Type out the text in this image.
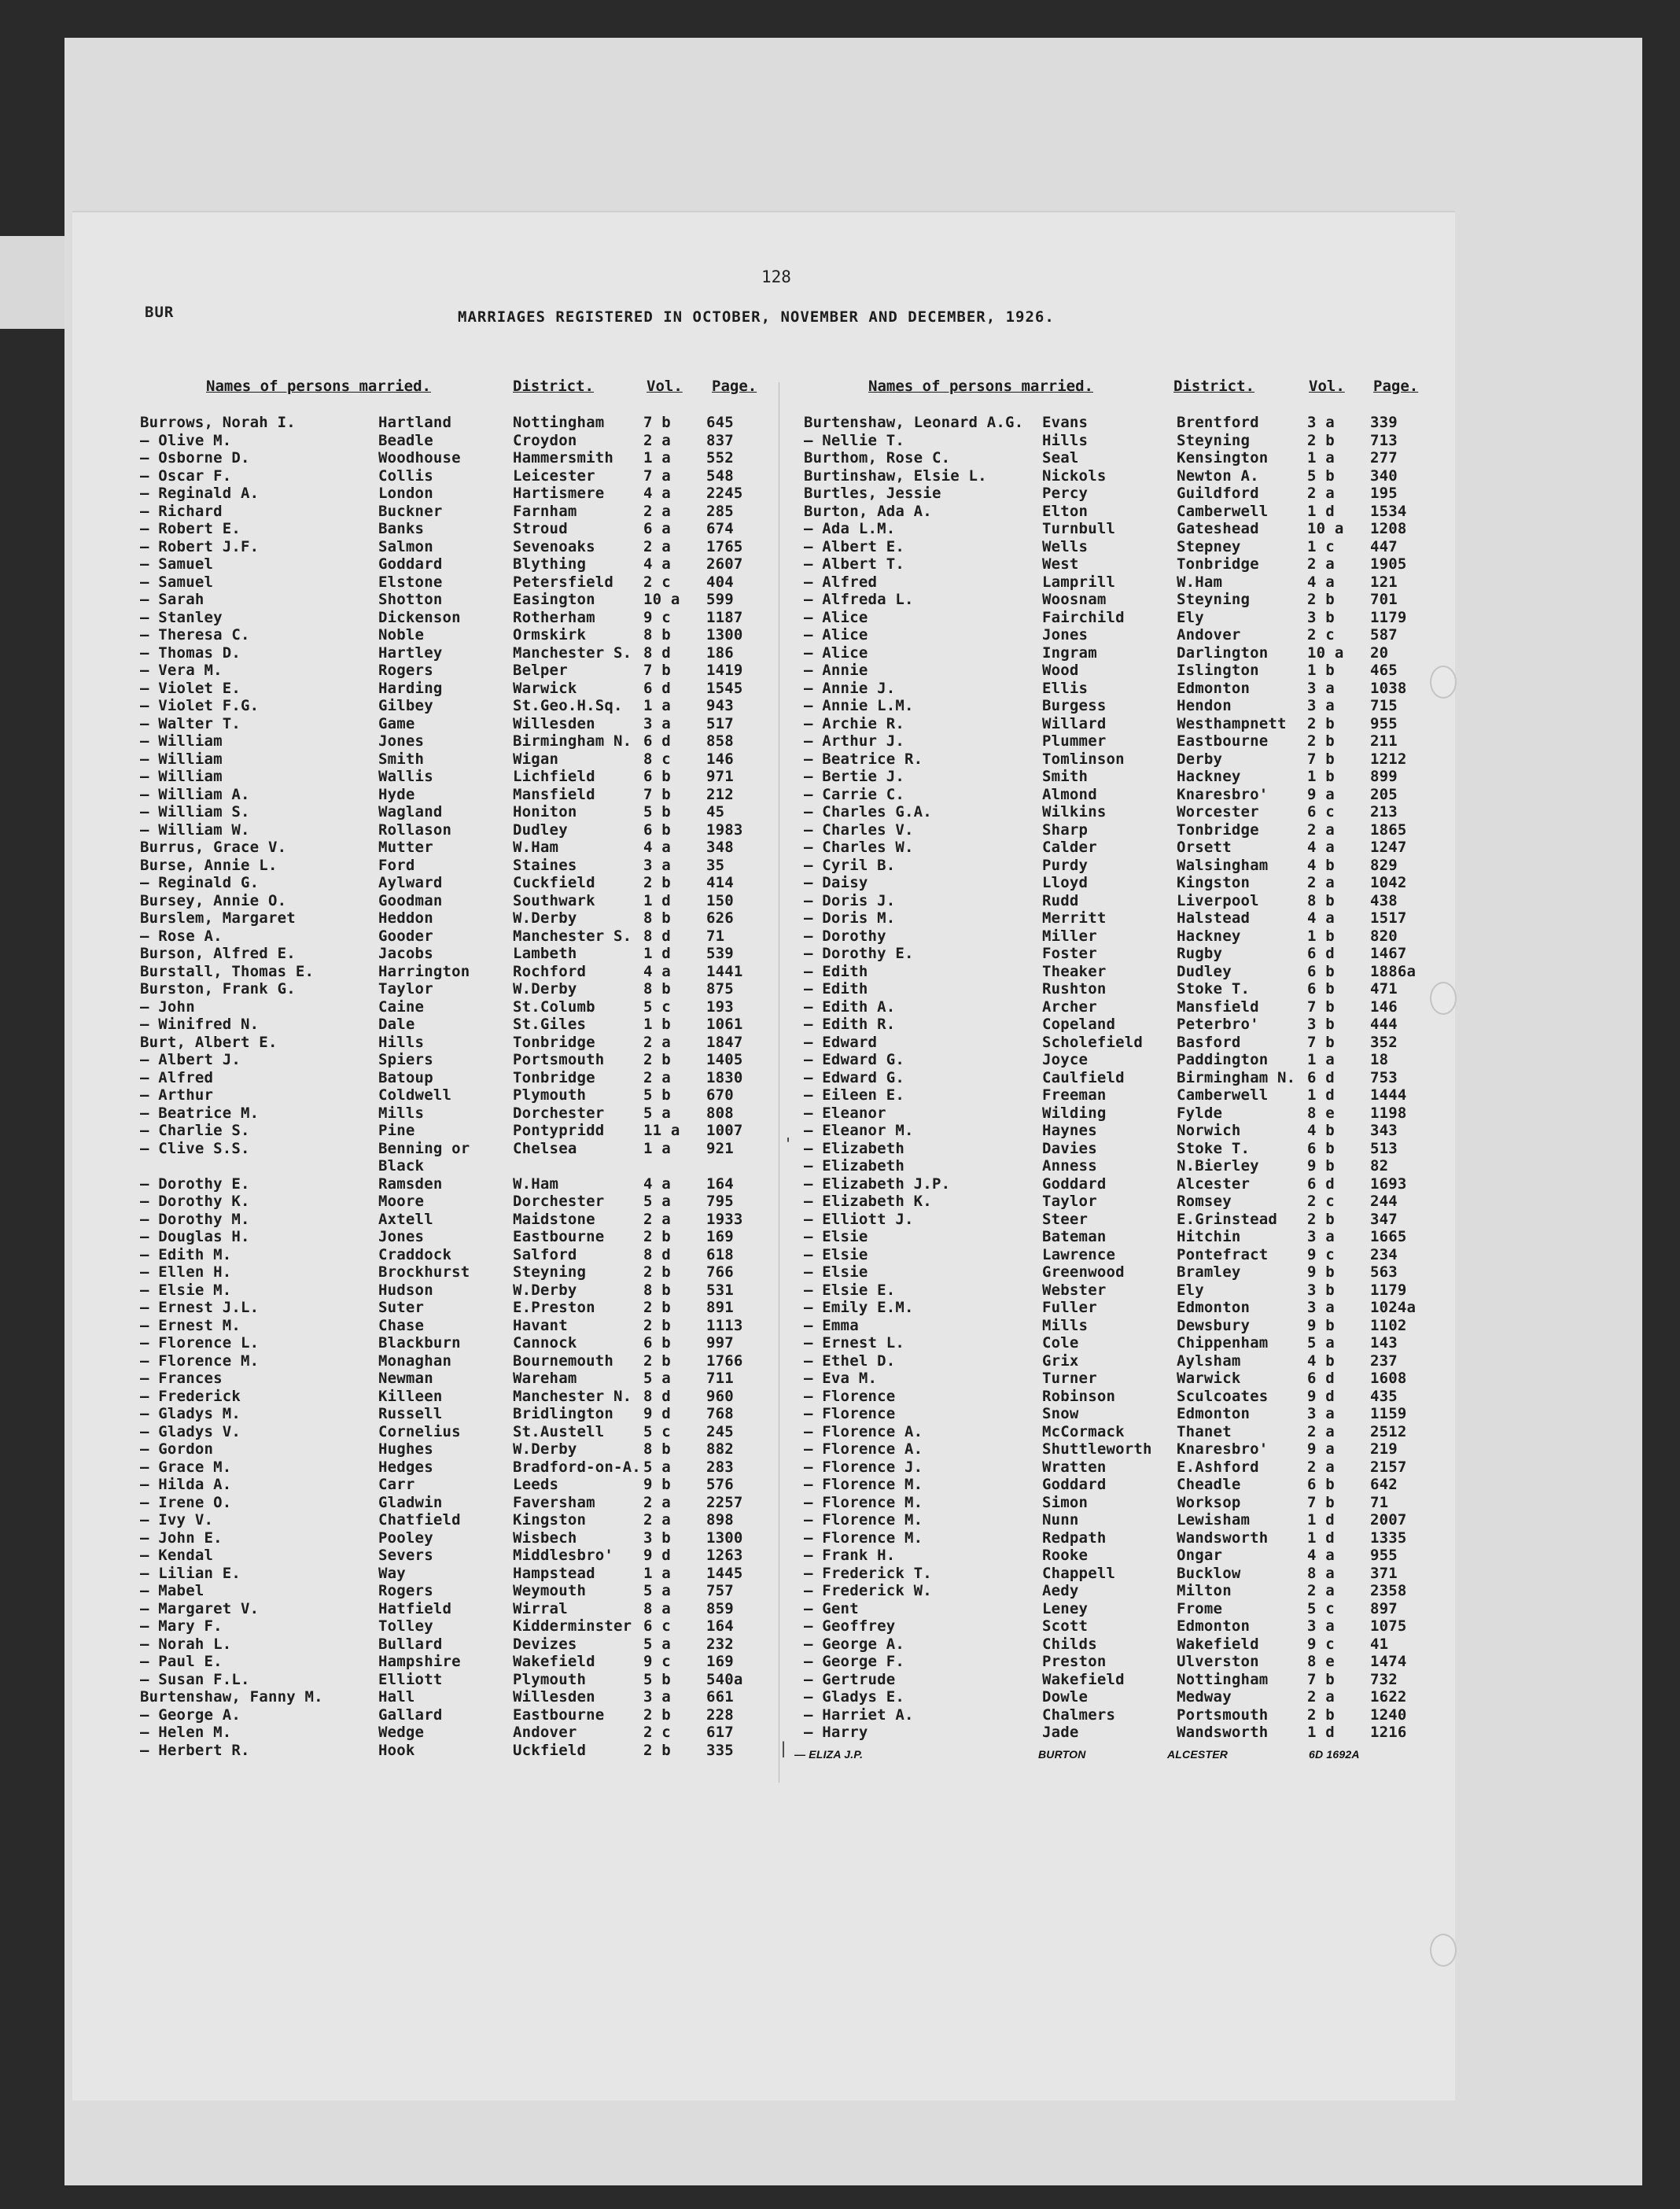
128
BUR	MARRIAGES REGISTERED IN OCTOBER, NOVEMBER AND DECEMBER, 1926.
Names of persons married.	District.	Vol. Page.	Names of persons married.	District.	Vol. Page.
Burrows, Norah I.	Hartland	Nottingham	7 b 645
— Olive M.	Beadle	Croydon	2 a 837
— Osborne D.	Woodhouse	Hammersmith 1 a 552
— Oscar F.	Collis	Leicester	7 a 548
— Reginald A.	London	Hartismere	4 a 2245
— Richard	Buckner	Farnham	2 a 285
— Robert E.	Banks	Stroud	6 a 674
— Robert J.F.	Salmon	Sevenoaks	2 a 1765
— Samuel	Goddard	Blything	4 a 2607
— Samuel	Elstone	Petersfield 2 c 404
— Sarah	Shotton	Easington	10 a 599
— Stanley	Dickenson	Rotherham	9 c 1187
— Theresa C.	Noble	Ormskirk	8 b 1300
— Thomas D.	Hartley	Manchester S. 8 d 186
— Vera M.	Rogers	Belper	7 b 1419
— Violet E.	Harding	Warwick	6 d 1545
— Violet F.G.	Gilbey	St.Geo.H.Sq. 1 a 943
— Walter T.	Game	Willesden	3 a 517
— William	Jones	Birmingham N. 6 d 858
— William	Smith	Wigan	8 c 146
— William	Wallis	Lichfield	6 b 971
— William A.	Hyde	Mansfield	7 b 212
— William S.	Wagland	Honiton	5 b 45
— William W.	Rollason	Dudley	6 b 1983
Burrus, Grace V.	Mutter	W.Ham	4 a 348
Burse, Annie L.	Ford	Staines	3 a 35
— Reginald G.	Aylward	Cuckfield	2 b 414
Bursey, Annie O.	Goodman	Southwark	1 d 150
Burslem, Margaret	Heddon	W.Derby	8 b 626
— Rose A.	Gooder	Manchester S. 8 d 71
Burson, Alfred E.	Jacobs	Lambeth	1 d 539
Burstall, Thomas E.	Harrington	Rochford	4 a 1441
Burston, Frank G.	Taylor	W.Derby	8 b 875
— John	Caine	St.Columb	5 c 193
— Winifred N.	Dale	St.Giles	1 b 1061
Burt, Albert E.	Hills	Tonbridge	2 a 1847
— Albert J.	Spiers	Portsmouth	2 b 1405
— Alfred	Batoup	Tonbridge	2 a 1830
— Arthur	Coldwell	Plymouth	5 b 670
— Beatrice M.	Mills	Dorchester	5 a 808
— Charlie S.	Pine	Pontypridd	11 a 1007
— Clive S.S.	Benning or	Chelsea	1 a 921
Black
— Dorothy E.	Ramsden	W.Ham	4 a 164
— Dorothy K.	Moore	Dorchester	5 a 795
— Dorothy M.	Axtell	Maidstone	2 a 1933
— Douglas H.	Jones	Eastbourne	2 b 169
— Edith M.	Craddock	Salford	8 d 618
— Ellen H.	Brockhurst	Steyning	2 b 766
— Elsie M.	Hudson	W.Derby	8 b 531
— Ernest J.L.	Suter	E.Preston	2 b 891
— Ernest M.	Chase	Havant	2 b 1113
— Florence L.	Blackburn	Cannock	6 b 997
— Florence M.	Monaghan	Bournemouth 2 b 1766
— Frances	Newman	Wareham	5 a 711
— Frederick	Killeen	Manchester N. 8 d 960
— Gladys M.	Russell	Bridlington 9 d 768
— Gladys V.	Cornelius	St.Austell	5 c 245
— Gordon	Hughes	W.Derby	8 b 882
— Grace M.	Hedges	Bradford-on-A. 5 a 283
— Hilda A.	Carr	Leeds	9 b 576
— Irene O.	Gladwin	Faversham	2 a 2257
— Ivy V.	Chatfield	Kingston	2 a 898
— John E.	Pooley	Wisbech	3 b 1300
— Kendal	Severs	Middlesbro' 9 d 1263
— Lilian E.	Way	Hampstead	1 a 1445
— Mabel	Rogers	Weymouth	5 a 757
— Margaret V.	Hatfield	Wirral	8 a 859
— Mary F.	Tolley	Kidderminster 6 c 164
— Norah L.	Bullard	Devizes	5 a 232
— Paul E.	Hampshire	Wakefield	9 c 169
— Susan F.L.	Elliott	Plymouth	5 b 540a
Burtenshaw, Fanny M.	Hall	Willesden	3 a 661
— George A.	Gallard	Eastbourne	2 b 228
— Helen M.	Wedge	Andover	2 c 617
— Herbert R.	Hook	Uckfield	2 b 335
Burtenshaw, Leonard A.G. Evans	Brentford	3 a 339
— Nellie T.	Hills	Steyning	2 b 713
Burthom, Rose C.	Seal	Kensington	1 a 277
Burtinshaw, Elsie L.	Nickols	Newton A.	5 b 340
Burtles, Jessie	Percy	Guildford	2 a 195
Burton, Ada A.	Elton	Camberwell	1 d 1534
— Ada L.M.	Turnbull	Gateshead	10 a 1208
— Albert E.	Wells	Stepney	1 c 447
— Albert T.	West	Tonbridge	2 a 1905
— Alfred	Lamprill	W.Ham	4 a 121
— Alfreda L.	Woosnam	Steyning	2 b 701
— Alice	Fairchild	Ely	3 b 1179
— Alice	Jones	Andover	2 c 587
— Alice	Ingram	Darlington	10 a 20
— Annie	Wood	Islington	1 b 465
— Annie J.	Ellis	Edmonton	3 a 1038
— Annie L.M.	Burgess	Hendon	3 a 715
— Archie R.	Willard	Westhampnett 2 b 955
— Arthur J.	Plummer	Eastbourne	2 b 211
— Beatrice R.	Tomlinson	Derby	7 b 1212
— Bertie J.	Smith	Hackney	1 b 899
— Carrie C.	Almond	Knaresbro'	9 a 205
— Charles G.A.	Wilkins	Worcester	6 c 213
— Charles V.	Sharp	Tonbridge	2 a 1865
— Charles W.	Calder	Orsett	4 a 1247
— Cyril B.	Purdy	Walsingham	4 b 829
— Daisy	Lloyd	Kingston	2 a 1042
— Doris J.	Rudd	Liverpool	8 b 438
— Doris M.	Merritt	Halstead	4 a 1517
— Dorothy	Miller	Hackney	1 b 820
— Dorothy E.	Foster	Rugby	6 d 1467
— Edith	Theaker	Dudley	6 b 1886a
— Edith	Rushton	Stoke T.	6 b 471
— Edith A.	Archer	Mansfield	7 b 146
— Edith R.	Copeland	Peterbro'	3 b 444
— Edward	Scholefield Basford	7 b 352
— Edward G.	Joyce	Paddington	1 a 18
— Edward G.	Caulfield	Birmingham N. 6 d 753
— Eileen E.	Freeman	Camberwell	1 d 1444
— Eleanor	Wilding	Fylde	8 e 1198
— Eleanor M.	Haynes	Norwich	4 b 343
— Elizabeth	Davies	Stoke T.	6 b 513
— Elizabeth	Anness	N.Bierley	9 b 82
— Elizabeth J.P.	Goddard	Alcester	6 d 1693
— Elizabeth K.	Taylor	Romsey	2 c 244
— Elliott J.	Steer	E.Grinstead 2 b 347
— Elsie	Bateman	Hitchin	3 a 1665
— Elsie	Lawrence	Pontefract	9 c 234
— Elsie	Greenwood	Bramley	9 b 563
— Elsie E.	Webster	Ely	3 b 1179
— Emily E.M.	Fuller	Edmonton	3 a 1024a
— Emma	Mills	Dewsbury	9 b 1102
— Ernest L.	Cole	Chippenham	5 a 143
— Ethel D.	Grix	Aylsham	4 b 237
— Eva M.	Turner	Warwick	6 d 1608
— Florence	Robinson	Sculcoates	9 d 435
— Florence	Snow	Edmonton	3 a 1159
— Florence A.	McCormack	Thanet	2 a 2512
— Florence A.	Shuttleworth Knaresbro'	9 a 219
— Florence J.	Wratten	E.Ashford	2 a 2157
— Florence M.	Goddard	Cheadle	6 b 642
— Florence M.	Simon	Worksop	7 b 71
— Florence M.	Nunn	Lewisham	1 d 2007
— Florence M.	Redpath	Wandsworth	1 d 1335
— Frank H.	Rooke	Ongar	4 a 955
— Frederick T.	Chappell	Bucklow	8 a 371
— Frederick W.	Aedy	Milton	2 a 2358
— Gent	Leney	Frome	5 c 897
— Geoffrey	Scott	Edmonton	3 a 1075
— George A.	Childs	Wakefield	9 c 41
— George F.	Preston	Ulverston	8 e 1474
— Gertrude	Wakefield	Nottingham	7 b 732
— Gladys E.	Dowle	Medway	2 a 1622
— Harriet A.	Chalmers	Portsmouth	2 b 1240
— Harry	Jade	Wandsworth	1 d 1216
— ELIZA J.P.	BURTON	ALCESTER	6D 1692A
|
'
